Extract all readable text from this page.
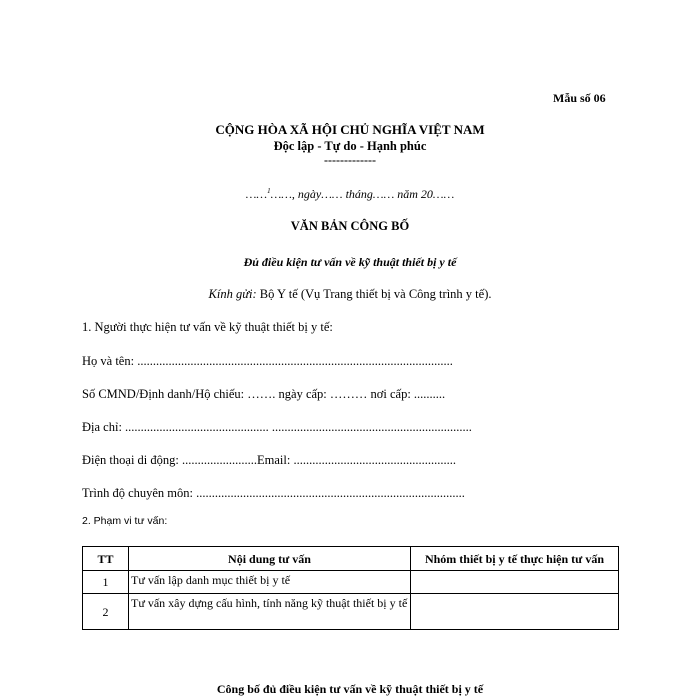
Mẫu số 06
CỘNG HÒA XÃ HỘI CHỦ NGHĨA VIỆT NAM
Độc lập - Tự do - Hạnh phúc
-------------
……$^1$……, ngày…… tháng…… năm 20……
VĂN BẢN CÔNG BỐ
Đủ điều kiện tư vấn về kỹ thuật thiết bị y tế
Kính gửi: Bộ Y tế (Vụ Trang thiết bị và Công trình y tế).
1. Người thực hiện tư vấn về kỹ thuật thiết bị y tế:
Họ và tên: .....................................................................................................
Số CMND/Định danh/Hộ chiếu: ……. ngày cấp: ……… nơi cấp: ..........
Địa chỉ: .............................................. ................................................................
Điện thoại di động: ........................Email: ....................................................
Trình độ chuyên môn: ......................................................................................
2. Phạm vi tư vấn:
TT	Nội dung tư vấn	Nhóm thiết bị y tế thực hiện tư vấn
1	Tư vấn lập danh mục thiết bị y tế	
2	Tư vấn xây dựng cấu hình, tính năng kỹ thuật thiết bị y tế	
Công bố đủ điều kiện tư vấn về kỹ thuật thiết bị y tế
